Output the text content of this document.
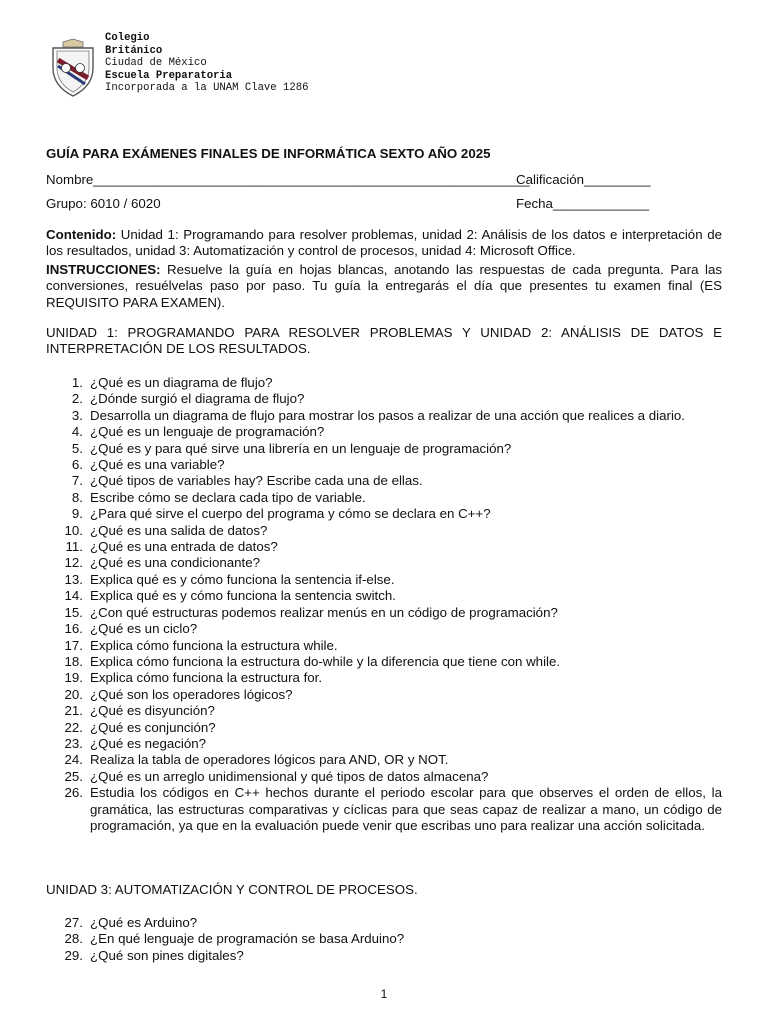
Colegio
Británico
Ciudad de México
Escuela Preparatoria
Incorporada a la UNAM Clave 1286
GUÍA PARA EXÁMENES FINALES DE INFORMÁTICA SEXTO AÑO 2025
Nombre___________________________________________________________
Calificación_________
Grupo: 6010 / 6020	Fecha_____________
Contenido: Unidad 1: Programando para resolver problemas, unidad 2: Análisis de los datos e interpretación de los resultados, unidad 3: Automatización y control de procesos, unidad 4: Microsoft Office.
INSTRUCCIONES: Resuelve la guía en hojas blancas, anotando las respuestas de cada pregunta. Para las conversiones, resuélvelas paso por paso. Tu guía la entregarás el día que presentes tu examen final (ES REQUISITO PARA EXAMEN).
UNIDAD 1: PROGRAMANDO PARA RESOLVER PROBLEMAS Y UNIDAD 2: ANÁLISIS DE DATOS E INTERPRETACIÓN DE LOS RESULTADOS.
1. ¿Qué es un diagrama de flujo?
2. ¿Dónde surgió el diagrama de flujo?
3. Desarrolla un diagrama de flujo para mostrar los pasos a realizar de una acción que realices a diario.
4. ¿Qué es un lenguaje de programación?
5. ¿Qué es y para qué sirve una librería en un lenguaje de programación?
6. ¿Qué es una variable?
7. ¿Qué tipos de variables hay? Escribe cada una de ellas.
8. Escribe cómo se declara cada tipo de variable.
9. ¿Para qué sirve el cuerpo del programa y cómo se declara en C++?
10. ¿Qué es una salida de datos?
11. ¿Qué es una entrada de datos?
12. ¿Qué es una condicionante?
13. Explica qué es y cómo funciona la sentencia if-else.
14. Explica qué es y cómo funciona la sentencia switch.
15. ¿Con qué estructuras podemos realizar menús en un código de programación?
16. ¿Qué es un ciclo?
17. Explica cómo funciona la estructura while.
18. Explica cómo funciona la estructura do-while y la diferencia que tiene con while.
19. Explica cómo funciona la estructura for.
20. ¿Qué son los operadores lógicos?
21. ¿Qué es disyunción?
22. ¿Qué es conjunción?
23. ¿Qué es negación?
24. Realiza la tabla de operadores lógicos para AND, OR y NOT.
25. ¿Qué es un arreglo unidimensional y qué tipos de datos almacena?
26. Estudia los códigos en C++ hechos durante el periodo escolar para que observes el orden de ellos, la gramática, las estructuras comparativas y cíclicas para que seas capaz de realizar a mano, un código de programación, ya que en la evaluación puede venir que escribas uno para realizar una acción solicitada.
UNIDAD 3: AUTOMATIZACIÓN Y CONTROL DE PROCESOS.
27. ¿Qué es Arduino?
28. ¿En qué lenguaje de programación se basa Arduino?
29. ¿Qué son pines digitales?
1
